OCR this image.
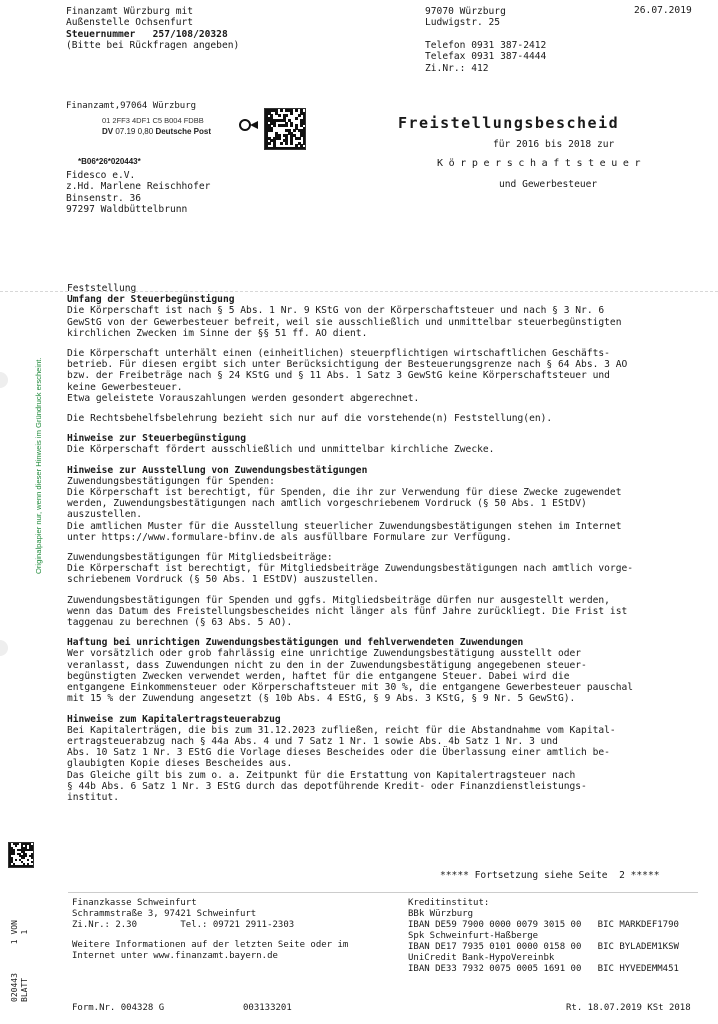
Finanzamt Würzburg mit
Außenstelle Ochsenfurt
Steuernummer 257/108/20328
(Bitte bei Rückfragen angeben)
97070 Würzburg
Ludwigstr. 25
26.07.2019
Telefon 0931 387-2412
Telefax 0931 387-4444
Zi.Nr.: 412
Finanzamt,97064 Würzburg
01 2FF3 4DF1 C5 B004 FDBB
DV 07.19 0,80 Deutsche Post
*B06*26*020443*
Fidesco e.V.
z.Hd. Marlene Reischhofer
Binsenstr. 36
97297 Waldbüttelbrunn
Freistellungsbescheid
für 2016 bis 2018 zur
Körperschaftsteuer
und Gewerbesteuer
Originalpapier nur, wenn dieser Hinweis im Gründruck erscheint.
Feststellung
Umfang der Steuerbegünstigung
Die Körperschaft ist nach § 5 Abs. 1 Nr. 9 KStG von der Körperschaftsteuer und nach § 3 Nr. 6
GewStG von der Gewerbesteuer befreit, weil sie ausschließlich und unmittelbar steuerbegünstigten
kirchlichen Zwecken im Sinne der §§ 51 ff. AO dient.
Die Körperschaft unterhält einen (einheitlichen) steuerpflichtigen wirtschaftlichen Geschäfts-
betrieb. Für diesen ergibt sich unter Berücksichtigung der Besteuerungsgrenze nach § 64 Abs. 3 AO
bzw. der Freibeträge nach § 24 KStG und § 11 Abs. 1 Satz 3 GewStG keine Körperschaftsteuer und
keine Gewerbesteuer.
Etwa geleistete Vorauszahlungen werden gesondert abgerechnet.
Die Rechtsbehelfsbelehrung bezieht sich nur auf die vorstehende(n) Feststellung(en).
Hinweise zur Steuerbegünstigung
Die Körperschaft fördert ausschließlich und unmittelbar kirchliche Zwecke.
Hinweise zur Ausstellung von Zuwendungsbestätigungen
Zuwendungsbestätigungen für Spenden:
Die Körperschaft ist berechtigt, für Spenden, die ihr zur Verwendung für diese Zwecke zugewendet
werden, Zuwendungsbestätigungen nach amtlich vorgeschriebenem Vordruck (§ 50 Abs. 1 EStDV)
auszustellen.
Die amtlichen Muster für die Ausstellung steuerlicher Zuwendungsbestätigungen stehen im Internet
unter https://www.formulare-bfinv.de als ausfüllbare Formulare zur Verfügung.
Zuwendungsbestätigungen für Mitgliedsbeiträge:
Die Körperschaft ist berechtigt, für Mitgliedsbeiträge Zuwendungsbestätigungen nach amtlich vorge-
schriebenem Vordruck (§ 50 Abs. 1 EStDV) auszustellen.
Zuwendungsbestätigungen für Spenden und ggfs. Mitgliedsbeiträge dürfen nur ausgestellt werden,
wenn das Datum des Freistellungsbescheides nicht länger als fünf Jahre zurückliegt. Die Frist ist
taggenau zu berechnen (§ 63 Abs. 5 AO).
Haftung bei unrichtigen Zuwendungsbestätigungen und fehlverwendeten Zuwendungen
Wer vorsätzlich oder grob fahrlässig eine unrichtige Zuwendungsbestätigung ausstellt oder
veranlasst, dass Zuwendungen nicht zu den in der Zuwendungsbestätigung angegebenen steuer-
begünstigten Zwecken verwendet werden, haftet für die entgangene Steuer. Dabei wird die
entgangene Einkommensteuer oder Körperschaftsteuer mit 30 %, die entgangene Gewerbesteuer pauschal
mit 15 % der Zuwendung angesetzt (§ 10b Abs. 4 EStG, § 9 Abs. 3 KStG, § 9 Nr. 5 GewStG).
Hinweise zum Kapitalertragsteuerabzug
Bei Kapitalerträgen, die bis zum 31.12.2023 zufließen, reicht für die Abstandnahme vom Kapital-
ertragsteuerabzug nach § 44a Abs. 4 und 7 Satz 1 Nr. 1 sowie Abs. 4b Satz 1 Nr. 3 und
Abs. 10 Satz 1 Nr. 3 EStG die Vorlage dieses Bescheides oder die Überlassung einer amtlich be-
glaubigten Kopie dieses Bescheides aus.
Das Gleiche gilt bis zum o. a. Zeitpunkt für die Erstattung von Kapitalertragsteuer nach
§ 44b Abs. 6 Satz 1 Nr. 3 EStG durch das depotführende Kredit- oder Finanzdienstleistungs-
institut.
***** Fortsetzung siehe Seite 2 *****
020443      1 VON
BLATT         1
Finanzkasse Schweinfurt
Schrammstraße 3, 97421 Schweinfurt
Zi.Nr.: 2.30        Tel.: 09721 2911-2303
Weitere Informationen auf der letzten Seite oder im
Internet unter www.finanzamt.bayern.de
Form.Nr. 004328 G	003133201
Kreditinstitut:
BBk Würzburg
IBAN DE59 7900 0000 0079 3015 00 BIC MARKDEF1790
Spk Schweinfurt-Haßberge
IBAN DE17 7935 0101 0000 0158 00 BIC BYLADEM1KSW
UniCredit Bank-HypoVereinbk
IBAN DE33 7932 0075 0005 1691 00 BIC HYVEDEMM451
Rt. 18.07.2019 KSt 2018
